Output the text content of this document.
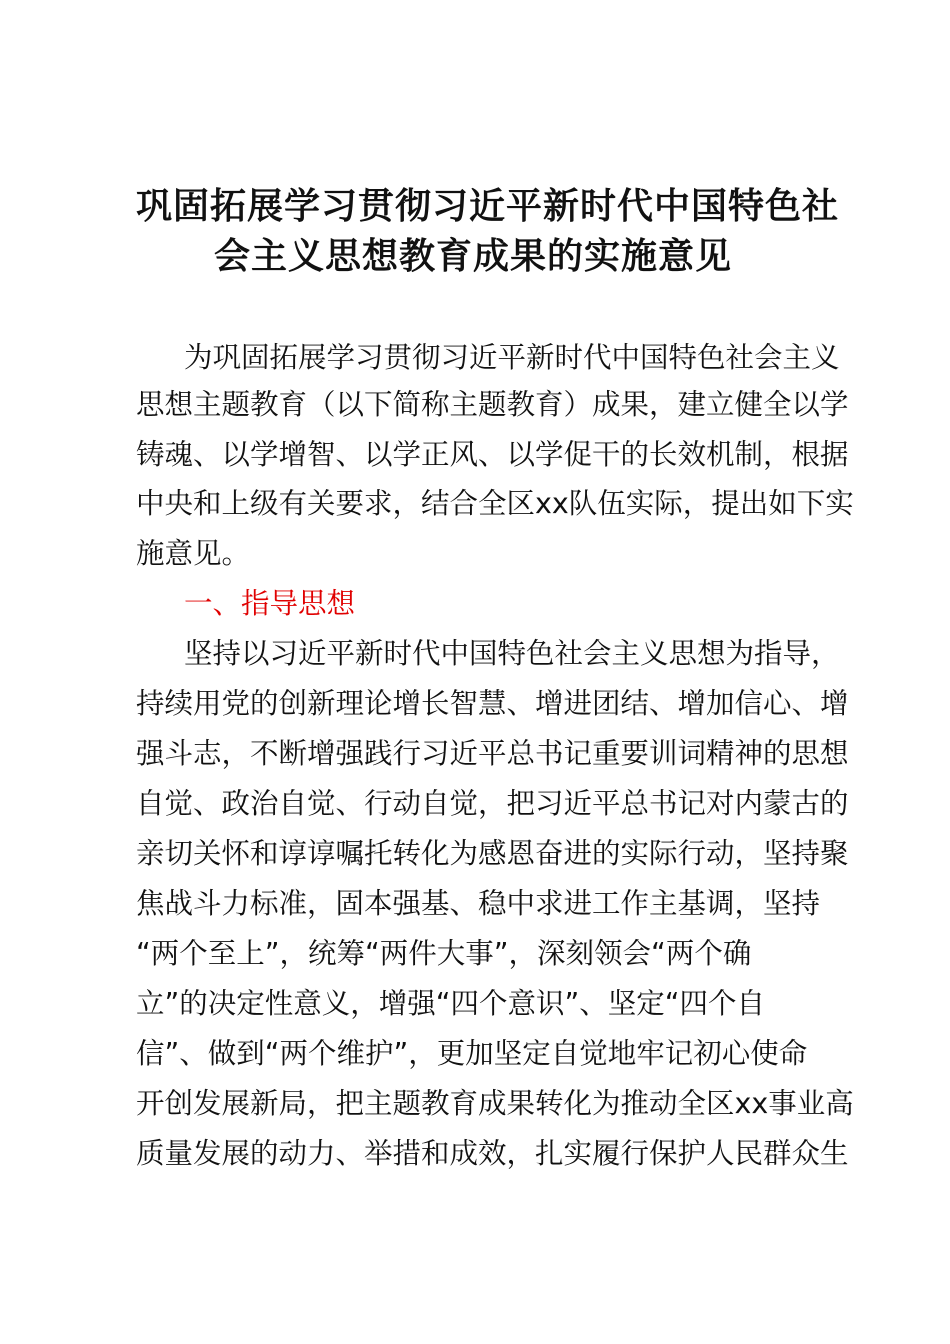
巩固拓展学习贯彻习近平新时代中国特色社
会主义思想教育成果的实施意见
为巩固拓展学习贯彻习近平新时代中国特色社会主义
思想主题教育（以下简称主题教育）成果，建立健全以学
铸魂、以学增智、以学正风、以学促干的长效机制，根据
中央和上级有关要求，结合全区xx队伍实际，提出如下实
施意见。
一、指导思想
坚持以习近平新时代中国特色社会主义思想为指导，
持续用党的创新理论增长智慧、增进团结、增加信心、增
强斗志，不断增强践行习近平总书记重要训词精神的思想
自觉、政治自觉、行动自觉，把习近平总书记对内蒙古的
亲切关怀和谆谆嘱托转化为感恩奋进的实际行动，坚持聚
焦战斗力标准，固本强基、稳中求进工作主基调，坚持
“两个至上”，统筹“两件大事”，深刻领会“两个确
立”的决定性意义，增强“四个意识”、坚定“四个自
信”、做到“两个维护”，更加坚定自觉地牢记初心使命
开创发展新局，把主题教育成果转化为推动全区xx事业高
质量发展的动力、举措和成效，扎实履行保护人民群众生
